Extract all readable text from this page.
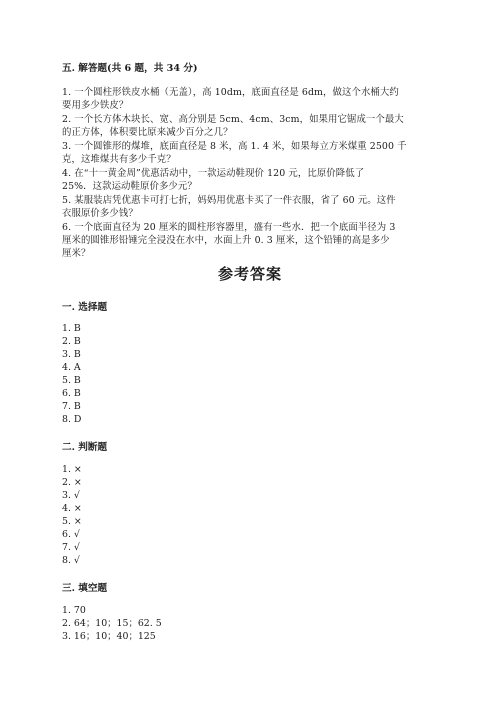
五. 解答题(共 6 题，共 34 分)
1. 一个圆柱形铁皮水桶（无盖），高 10dm，底面直径是 6dm，做这个水桶大约
要用多少铁皮？
2. 一个长方体木块长、宽、高分别是 5cm、4cm、3cm，如果用它锯成一个最大
的正方体，体积要比原来减少百分之几？
3. 一个圆锥形的煤堆，底面直径是 8 米，高 1. 4 米，如果每立方米煤重 2500 千
克，这堆煤共有多少千克？
4. 在“十一黄金周”优惠活动中，一款运动鞋现价 120 元，比原价降低了
25%．这款运动鞋原价多少元？
5. 某服装店凭优惠卡可打七折，妈妈用优惠卡买了一件衣服，省了 60 元。这件
衣服原价多少钱？
6. 一个底面直径为 20 厘米的圆柱形容器里，盛有一些水．把一个底面半径为 3
厘米的圆锥形铅锤完全浸没在水中，水面上升 0. 3 厘米，这个铅锤的高是多少
厘米？
参考答案
一. 选择题
1. B
2. B
3. B
4. A
5. B
6. B
7. B
8. D
二. 判断题
1. ×
2. ×
3. √
4. ×
5. ×
6. √
7. √
8. √
三. 填空题
1. 70
2. 64；10；15；62. 5
3. 16；10；40；125
